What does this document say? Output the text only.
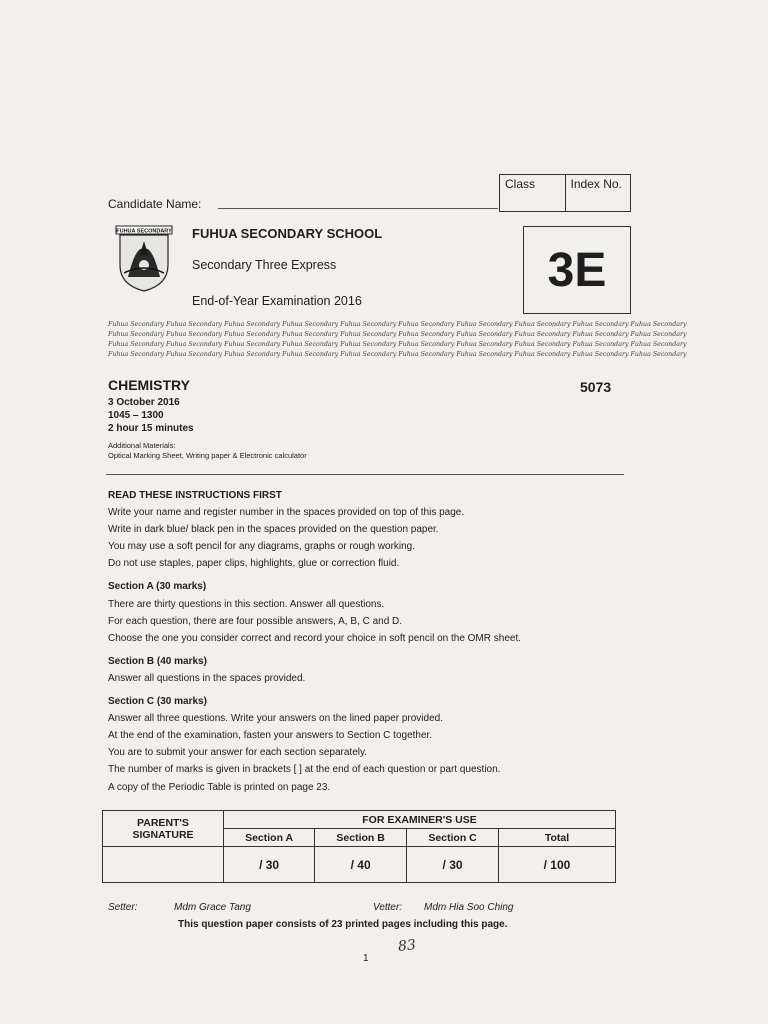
Class	Index No.
Candidate Name:
FUHUA SECONDARY FUHUA SECONDARY SCHOOL
Secondary Three Express
End-of-Year Examination 2016
3E
Fuhua Secondary Fuhua Secondary Fuhua Secondary Fuhua Secondary Fuhua Secondary Fuhua Secondary Fuhua Secondary Fuhua Secondary Fuhua Secondary Fuhua Secondary
Fuhua Secondary Fuhua Secondary Fuhua Secondary Fuhua Secondary Fuhua Secondary Fuhua Secondary Fuhua Secondary Fuhua Secondary Fuhua Secondary Fuhua Secondary
Fuhua Secondary Fuhua Secondary Fuhua Secondary Fuhua Secondary Fuhua Secondary Fuhua Secondary Fuhua Secondary Fuhua Secondary Fuhua Secondary Fuhua Secondary
Fuhua Secondary Fuhua Secondary Fuhua Secondary Fuhua Secondary Fuhua Secondary Fuhua Secondary Fuhua Secondary Fuhua Secondary Fuhua Secondary Fuhua Secondary
CHEMISTRY	5073
3 October 2016
1045 – 1300
2 hour 15 minutes
Additional Materials:
Optical Marking Sheet, Writing paper & Electronic calculator

READ THESE INSTRUCTIONS FIRST

Write your name and register number in the spaces provided on top of this page.

Write in dark blue/ black pen in the spaces provided on the question paper.

You may use a soft pencil for any diagrams, graphs or rough working.

Do not use staples, paper clips, highlights, glue or correction fluid.

Section A (30 marks)

There are thirty questions in this section. Answer all questions.

For each question, there are four possible answers, A, B, C and D.

Choose the one you consider correct and record your choice in soft pencil on the OMR sheet.

Section B (40 marks)

Answer all questions in the spaces provided.

Section C (30 marks)

Answer all three questions. Write your answers on the lined paper provided.

At the end of the examination, fasten your answers to Section C together.

You are to submit your answer for each section separately.

The number of marks is given in brackets [ ] at the end of each question or part question.

A copy of the Periodic Table is printed on page 23.

PARENT'S
SIGNATURE	FOR EXAMINER'S USE			
	Section A	Section B	Section C	Total
	/ 30	/ 40	/ 30	/ 100
Setter:	Mdm Grace Tang	Vetter: Mdm Hia Soo Ching
This question paper consists of 23 printed pages including this page.
83
1
